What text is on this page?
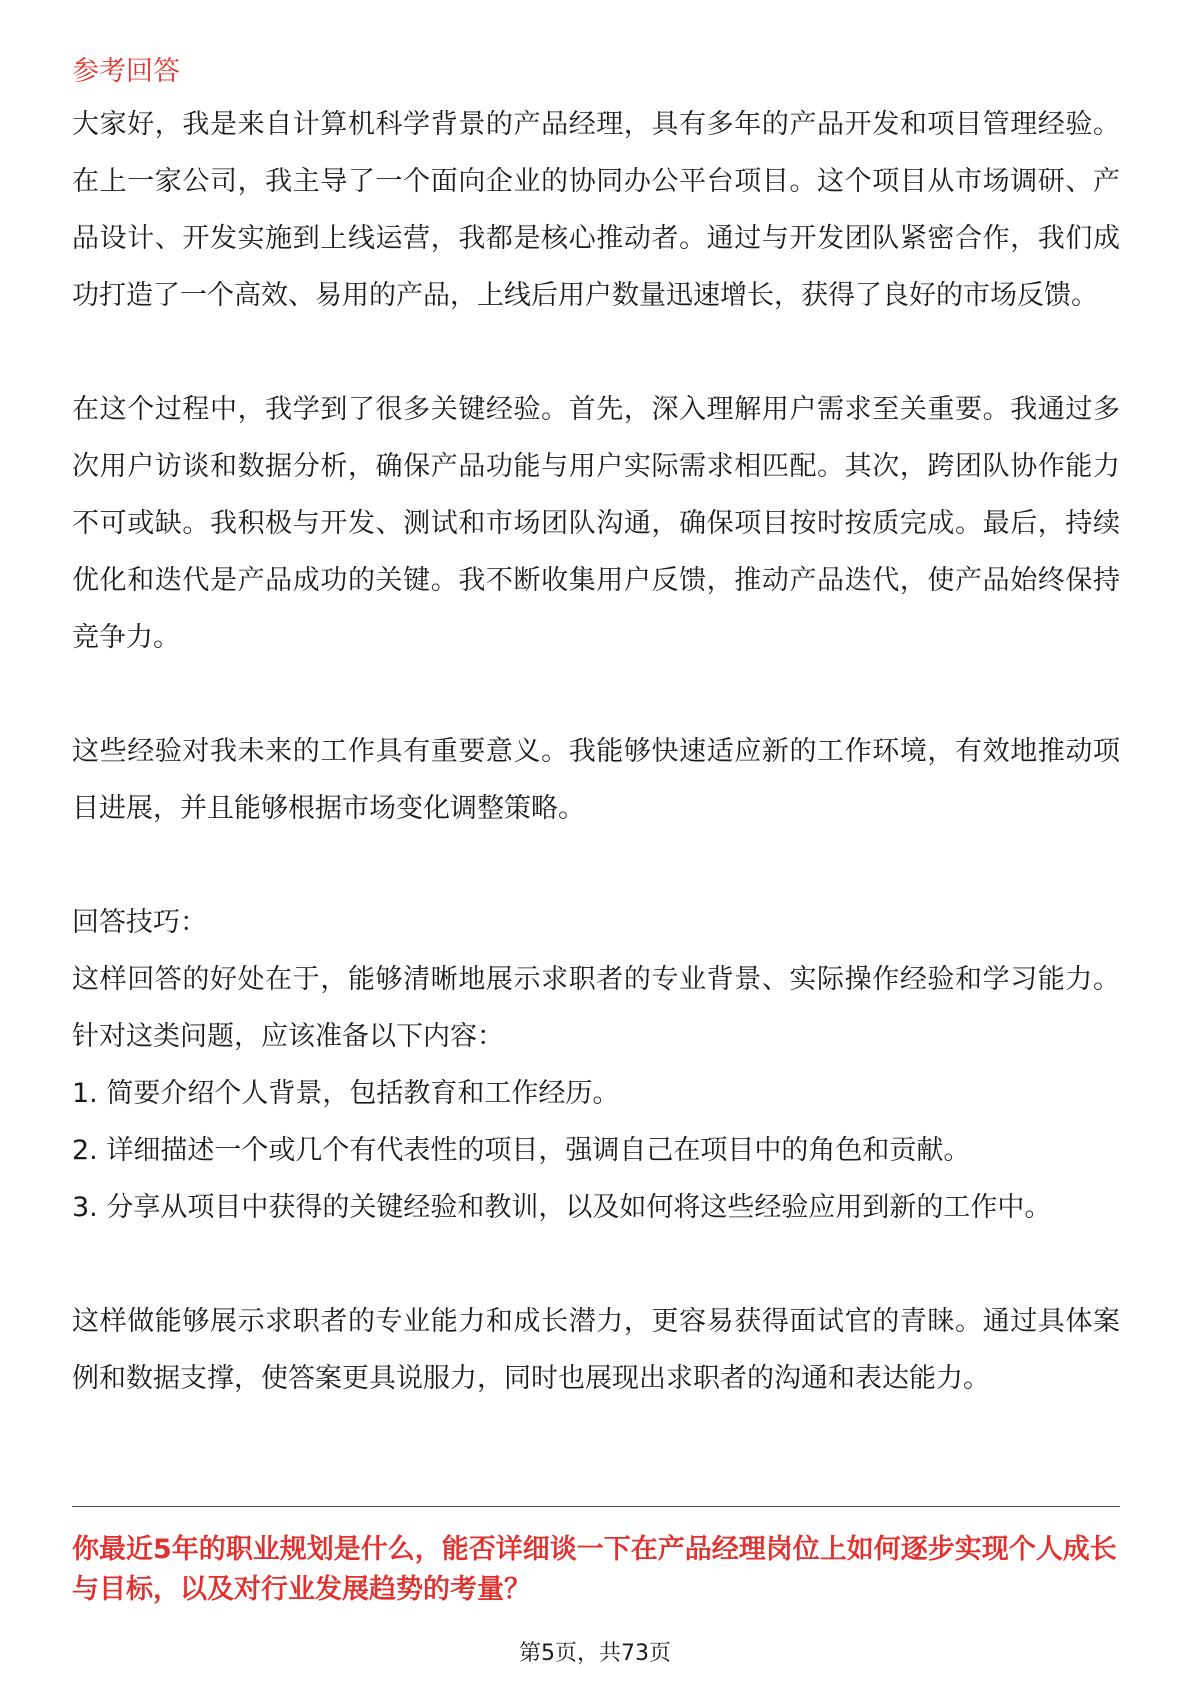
参考回答

大家好，我是来自计算机科学背景的产品经理，具有多年的产品开发和项目管理经验。在上一家公司，我主导了一个面向企业的协同办公平台项目。这个项目从市场调研、产品设计、开发实施到上线运营，我都是核心推动者。通过与开发团队紧密合作，我们成功打造了一个高效、易用的产品，上线后用户数量迅速增长，获得了良好的市场反馈。

在这个过程中，我学到了很多关键经验。首先，深入理解用户需求至关重要。我通过多次用户访谈和数据分析，确保产品功能与用户实际需求相匹配。其次，跨团队协作能力不可或缺。我积极与开发、测试和市场团队沟通，确保项目按时按质完成。最后，持续优化和迭代是产品成功的关键。我不断收集用户反馈，推动产品迭代，使产品始终保持竞争力。

这些经验对我未来的工作具有重要意义。我能够快速适应新的工作环境，有效地推动项目进展，并且能够根据市场变化调整策略。

回答技巧：

这样回答的好处在于，能够清晰地展示求职者的专业背景、实际操作经验和学习能力。针对这类问题，应该准备以下内容：

1. 简要介绍个人背景，包括教育和工作经历。

2. 详细描述一个或几个有代表性的项目，强调自己在项目中的角色和贡献。

3. 分享从项目中获得的关键经验和教训，以及如何将这些经验应用到新的工作中。

这样做能够展示求职者的专业能力和成长潜力，更容易获得面试官的青睐。通过具体案例和数据支撑，使答案更具说服力，同时也展现出求职者的沟通和表达能力。

你最近5年的职业规划是什么，能否详细谈一下在产品经理岗位上如何逐步实现个人成长与目标，以及对行业发展趋势的考量？

第5页，共73页
